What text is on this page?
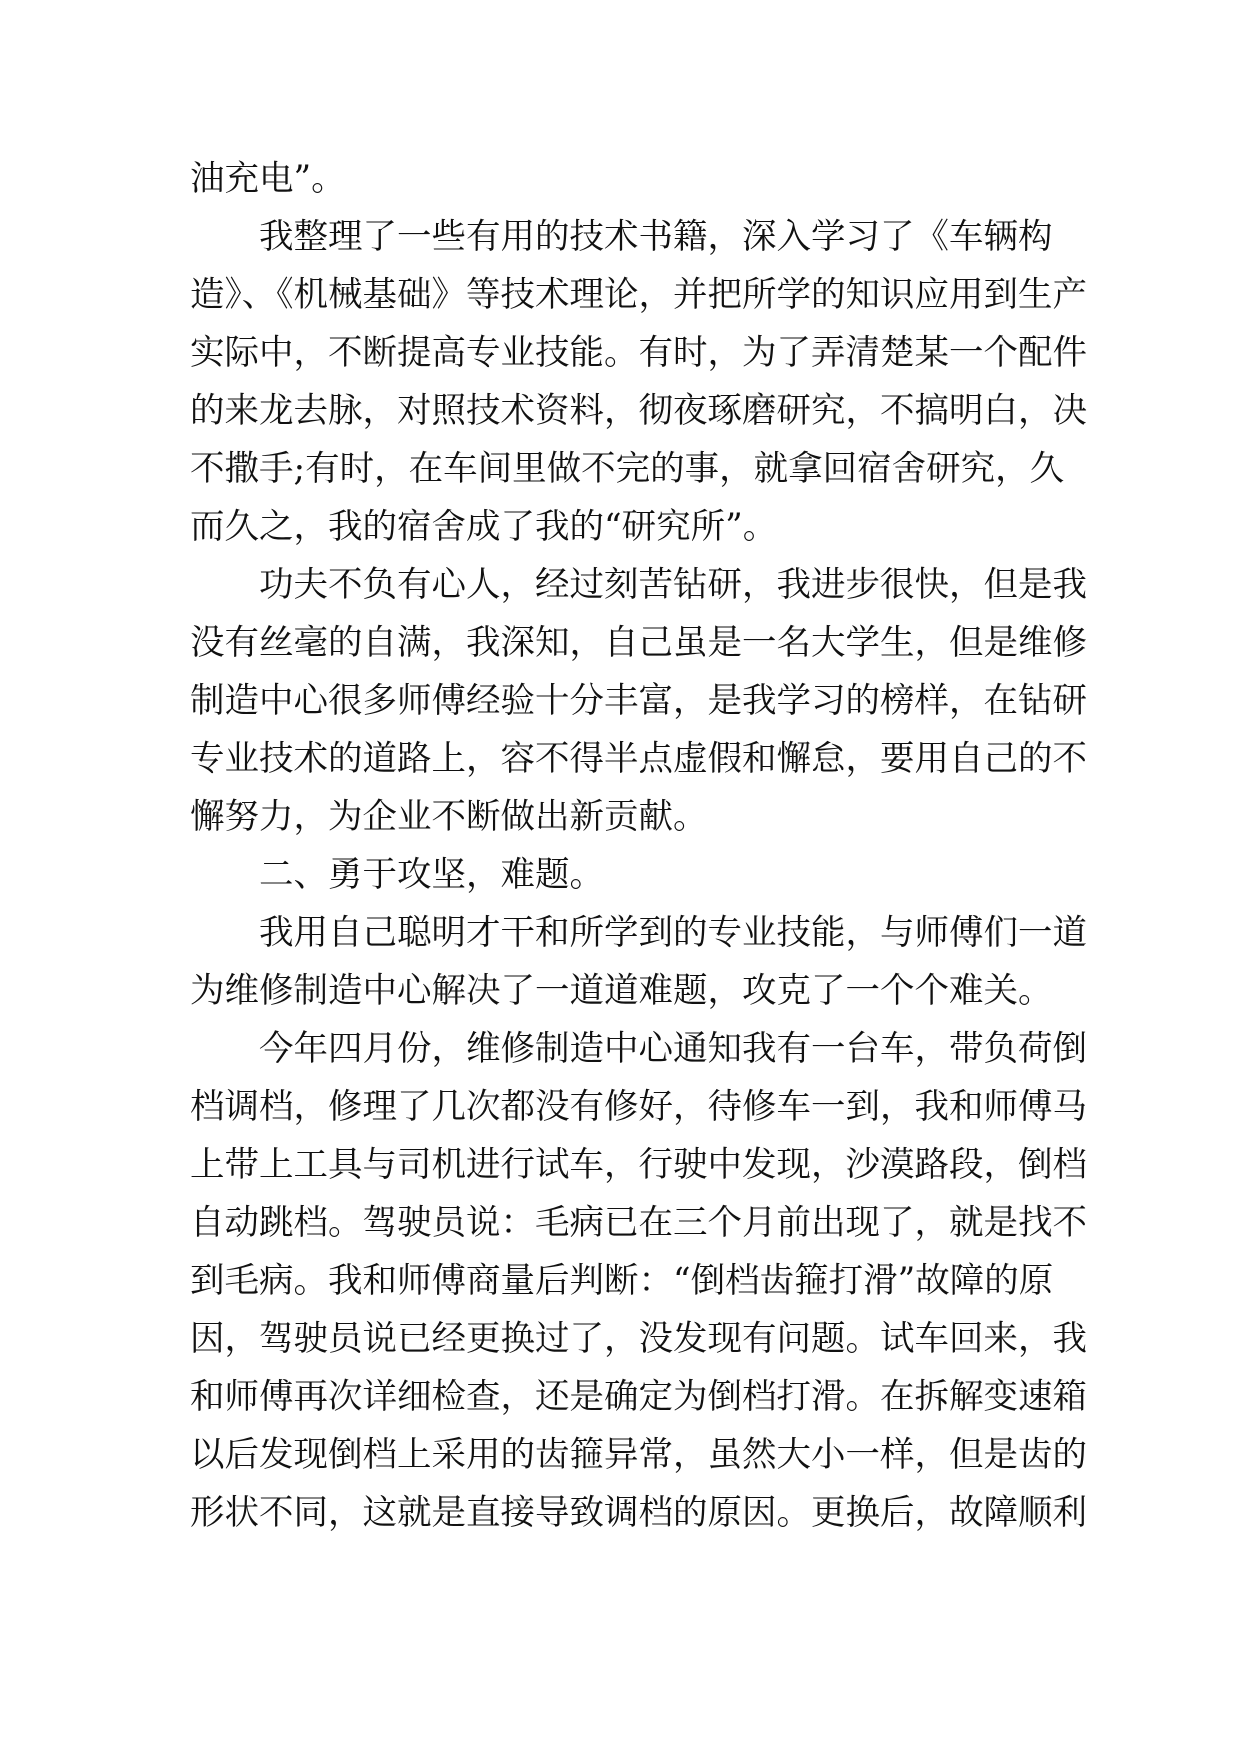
油充电”。
我整理了一些有用的技术书籍，深入学习了《车辆构
造》、《机械基础》等技术理论，并把所学的知识应用到生产
实际中，不断提高专业技能。有时，为了弄清楚某一个配件
的来龙去脉，对照技术资料，彻夜琢磨研究，不搞明白，决
不撒手;有时，在车间里做不完的事，就拿回宿舍研究，久
而久之，我的宿舍成了我的“研究所”。
功夫不负有心人，经过刻苦钻研，我进步很快，但是我
没有丝毫的自满，我深知，自己虽是一名大学生，但是维修
制造中心很多师傅经验十分丰富，是我学习的榜样，在钻研
专业技术的道路上，容不得半点虚假和懈怠，要用自己的不
懈努力，为企业不断做出新贡献。
二、勇于攻坚，难题。
我用自己聪明才干和所学到的专业技能，与师傅们一道
为维修制造中心解决了一道道难题，攻克了一个个难关。
今年四月份，维修制造中心通知我有一台车，带负荷倒
档调档，修理了几次都没有修好，待修车一到，我和师傅马
上带上工具与司机进行试车，行驶中发现，沙漠路段，倒档
自动跳档。驾驶员说：毛病已在三个月前出现了，就是找不
到毛病。我和师傅商量后判断：“倒档齿箍打滑”故障的原
因，驾驶员说已经更换过了，没发现有问题。试车回来，我
和师傅再次详细检查，还是确定为倒档打滑。在拆解变速箱
以后发现倒档上采用的齿箍异常，虽然大小一样，但是齿的
形状不同，这就是直接导致调档的原因。更换后，故障顺利
